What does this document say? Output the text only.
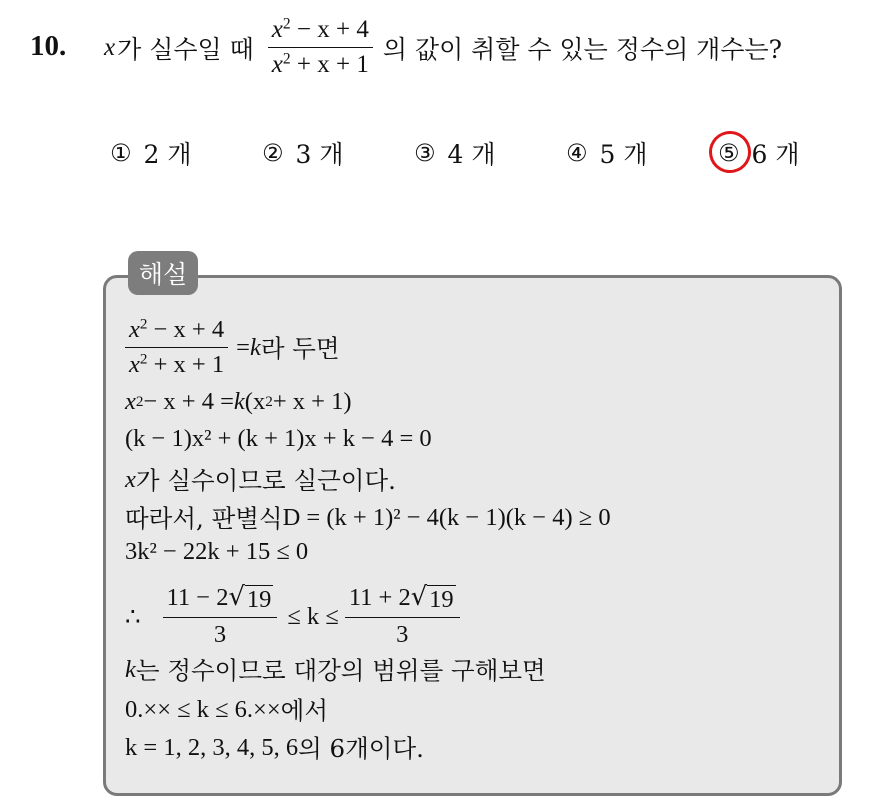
10. x 가 실수일 때 $\frac{x^2 - x + 4}{x^2 + x + 1}$ 의 값이 취할 수 있는 정수의 개수는?
① 2 개	② 3 개	③ 4 개	④ 5 개	⑤ 6 개
해설
$\frac{x^2 - x + 4}{x^2 + x + 1} = k$ 라 두면
x 2 − x + 4 = k (x 2 + x + 1)
(k − 1)x² + (k + 1)x + k − 4 = 0
x 가 실수이므로 실근이다.
따라서, 판별식 D = (k + 1)² − 4(k − 1)(k − 4) ≥ 0
3k² − 22k + 15 ≤ 0
∴ $\frac{11 - 2 √ 19}{3} \le k \le \frac{11 + 2 √ 19}{3}$
k 는 정수이므로 대강의 범위를 구해보면
0.×× ≤ k ≤ 6.×× 에서
k = 1, 2, 3, 4, 5, 6 의 6개이다.
